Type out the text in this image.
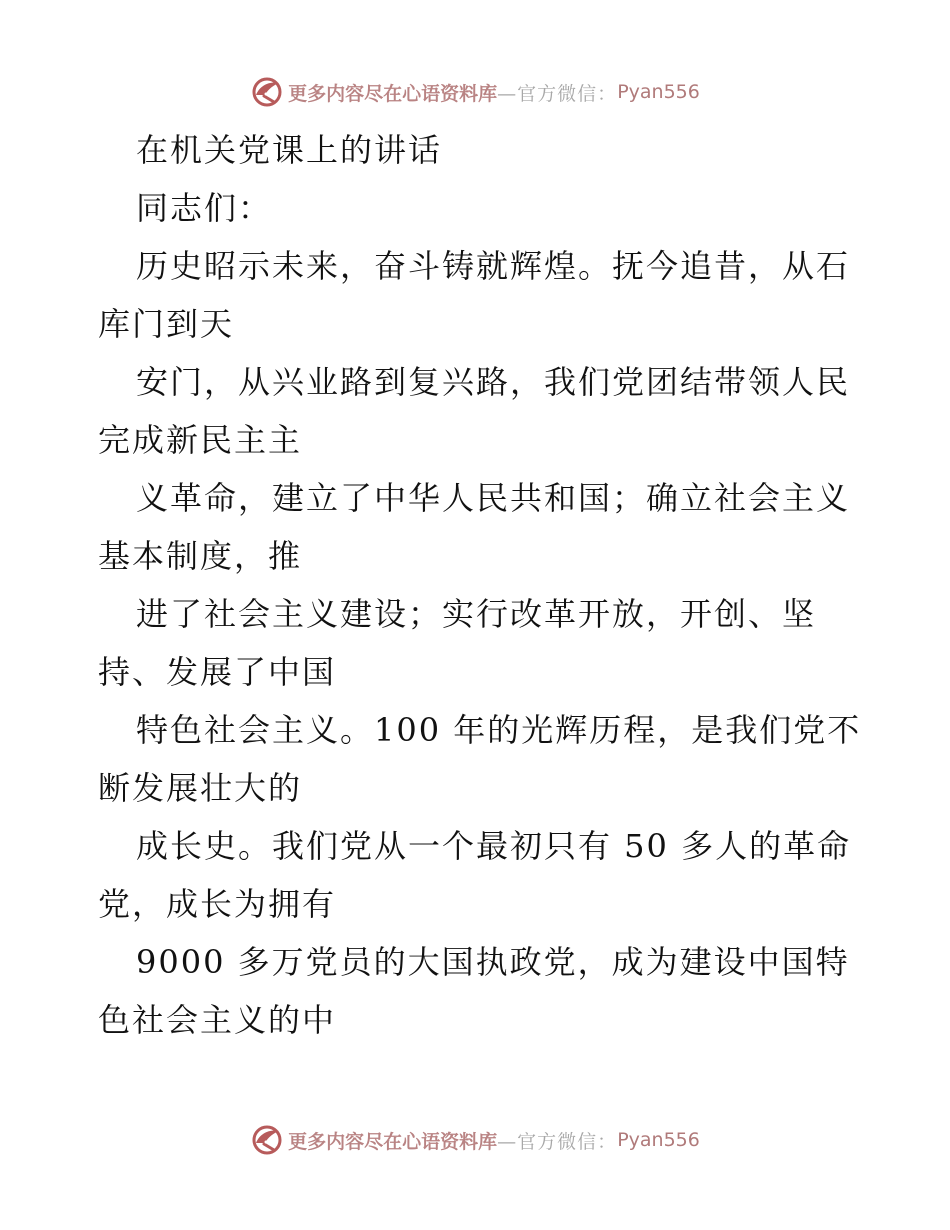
更多内容尽在心语资料库 —官方微信： Pyan556
在机关党课上的讲话
同志们：
历史昭示未来，奋斗铸就辉煌。抚今追昔，从石
库门到天
安门，从兴业路到复兴路，我们党团结带领人民
完成新民主主
义革命，建立了中华人民共和国；确立社会主义
基本制度，推
进了社会主义建设；实行改革开放，开创、坚
持、发展了中国
特色社会主义。100 年的光辉历程，是我们党不
断发展壮大的
成长史。我们党从一个最初只有 50 多人的革命
党，成长为拥有
9000 多万党员的大国执政党，成为建设中国特
色社会主义的中
更多内容尽在心语资料库 —官方微信： Pyan556
